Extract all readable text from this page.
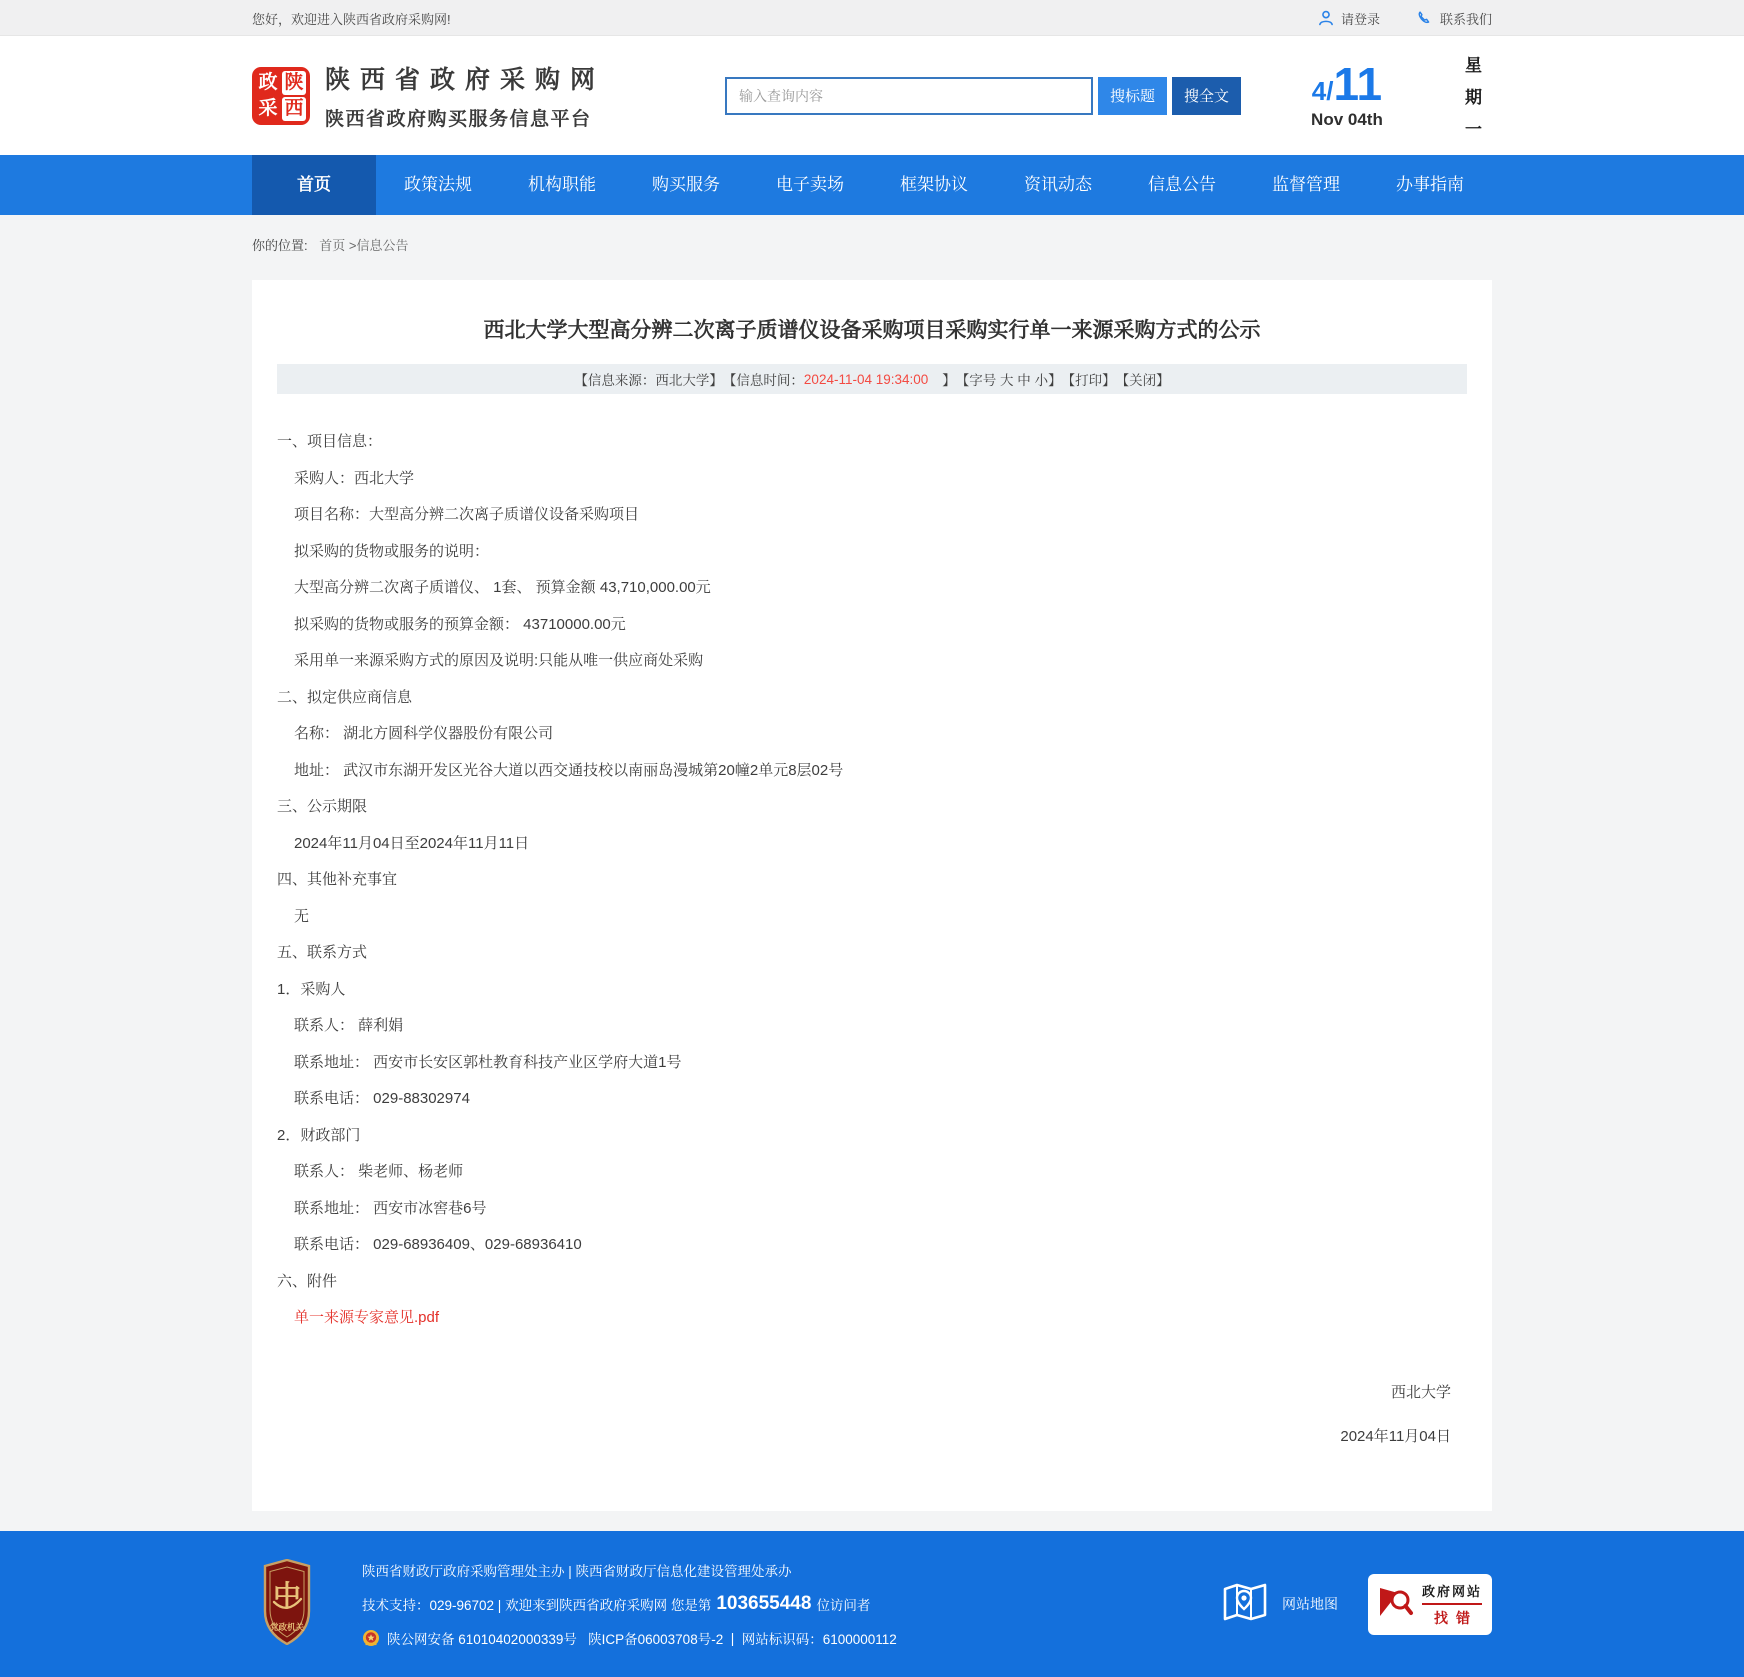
您好，欢迎进入陕西省政府采购网!	请登录	联系我们
政 陕
采 西
陕西省政府采购网
陕西省政府购买服务信息平台
输入查询内容
搜标题	搜全文	4/ 11
Nov 04th
星
期
一
首页	政策法规	机构职能	购买服务	电子卖场	框架协议	资讯动态	信息公告	监督管理	办事指南
你的位置: 首页 >信息公告
西北大学大型高分辨二次离子质谱仪设备采购项目采购实行单一来源采购方式的公示
【信息来源：西北大学】 【信息时间： 2024-11-04 19:34:00	】 【字号 大 中 小 】 【打印】 【关闭】

一、项目信息：

采购人：西北大学

项目名称：大型高分辨二次离子质谱仪设备采购项目

拟采购的货物或服务的说明：

大型高分辨二次离子质谱仪、 1套、 预算金额 43,710,000.00元

拟采购的货物或服务的预算金额： 43710000.00元

采用单一来源采购方式的原因及说明:只能从唯一供应商处采购

二、拟定供应商信息

名称： 湖北方圆科学仪器股份有限公司

地址： 武汉市东湖开发区光谷大道以西交通技校以南丽岛漫城第20幢2单元8层02号

三、公示期限

2024年11月04日至2024年11月11日

四、其他补充事宜

无

五、联系方式

1．采购人

联系人： 薛利娟

联系地址： 西安市长安区郭杜教育科技产业区学府大道1号

联系电话： 029-88302974

2．财政部门

联系人： 柴老师、杨老师

联系地址： 西安市冰窖巷6号

联系电话： 029-68936409、029-68936410

六、附件

单一来源专家意见.pdf

西北大学
2024年11月04日
中
党政机关
陕西省财政厅政府采购管理处主办 | 陕西省财政厅信息化建设管理处承办
技术支持：029-96702 | 欢迎来到陕西省政府采购网 您是第 103655448 位访问者
陕公网安备 61010402000339号 陕ICP备06003708号-2 | 网站标识码：6100000112
网站地图
政府网站
找错
